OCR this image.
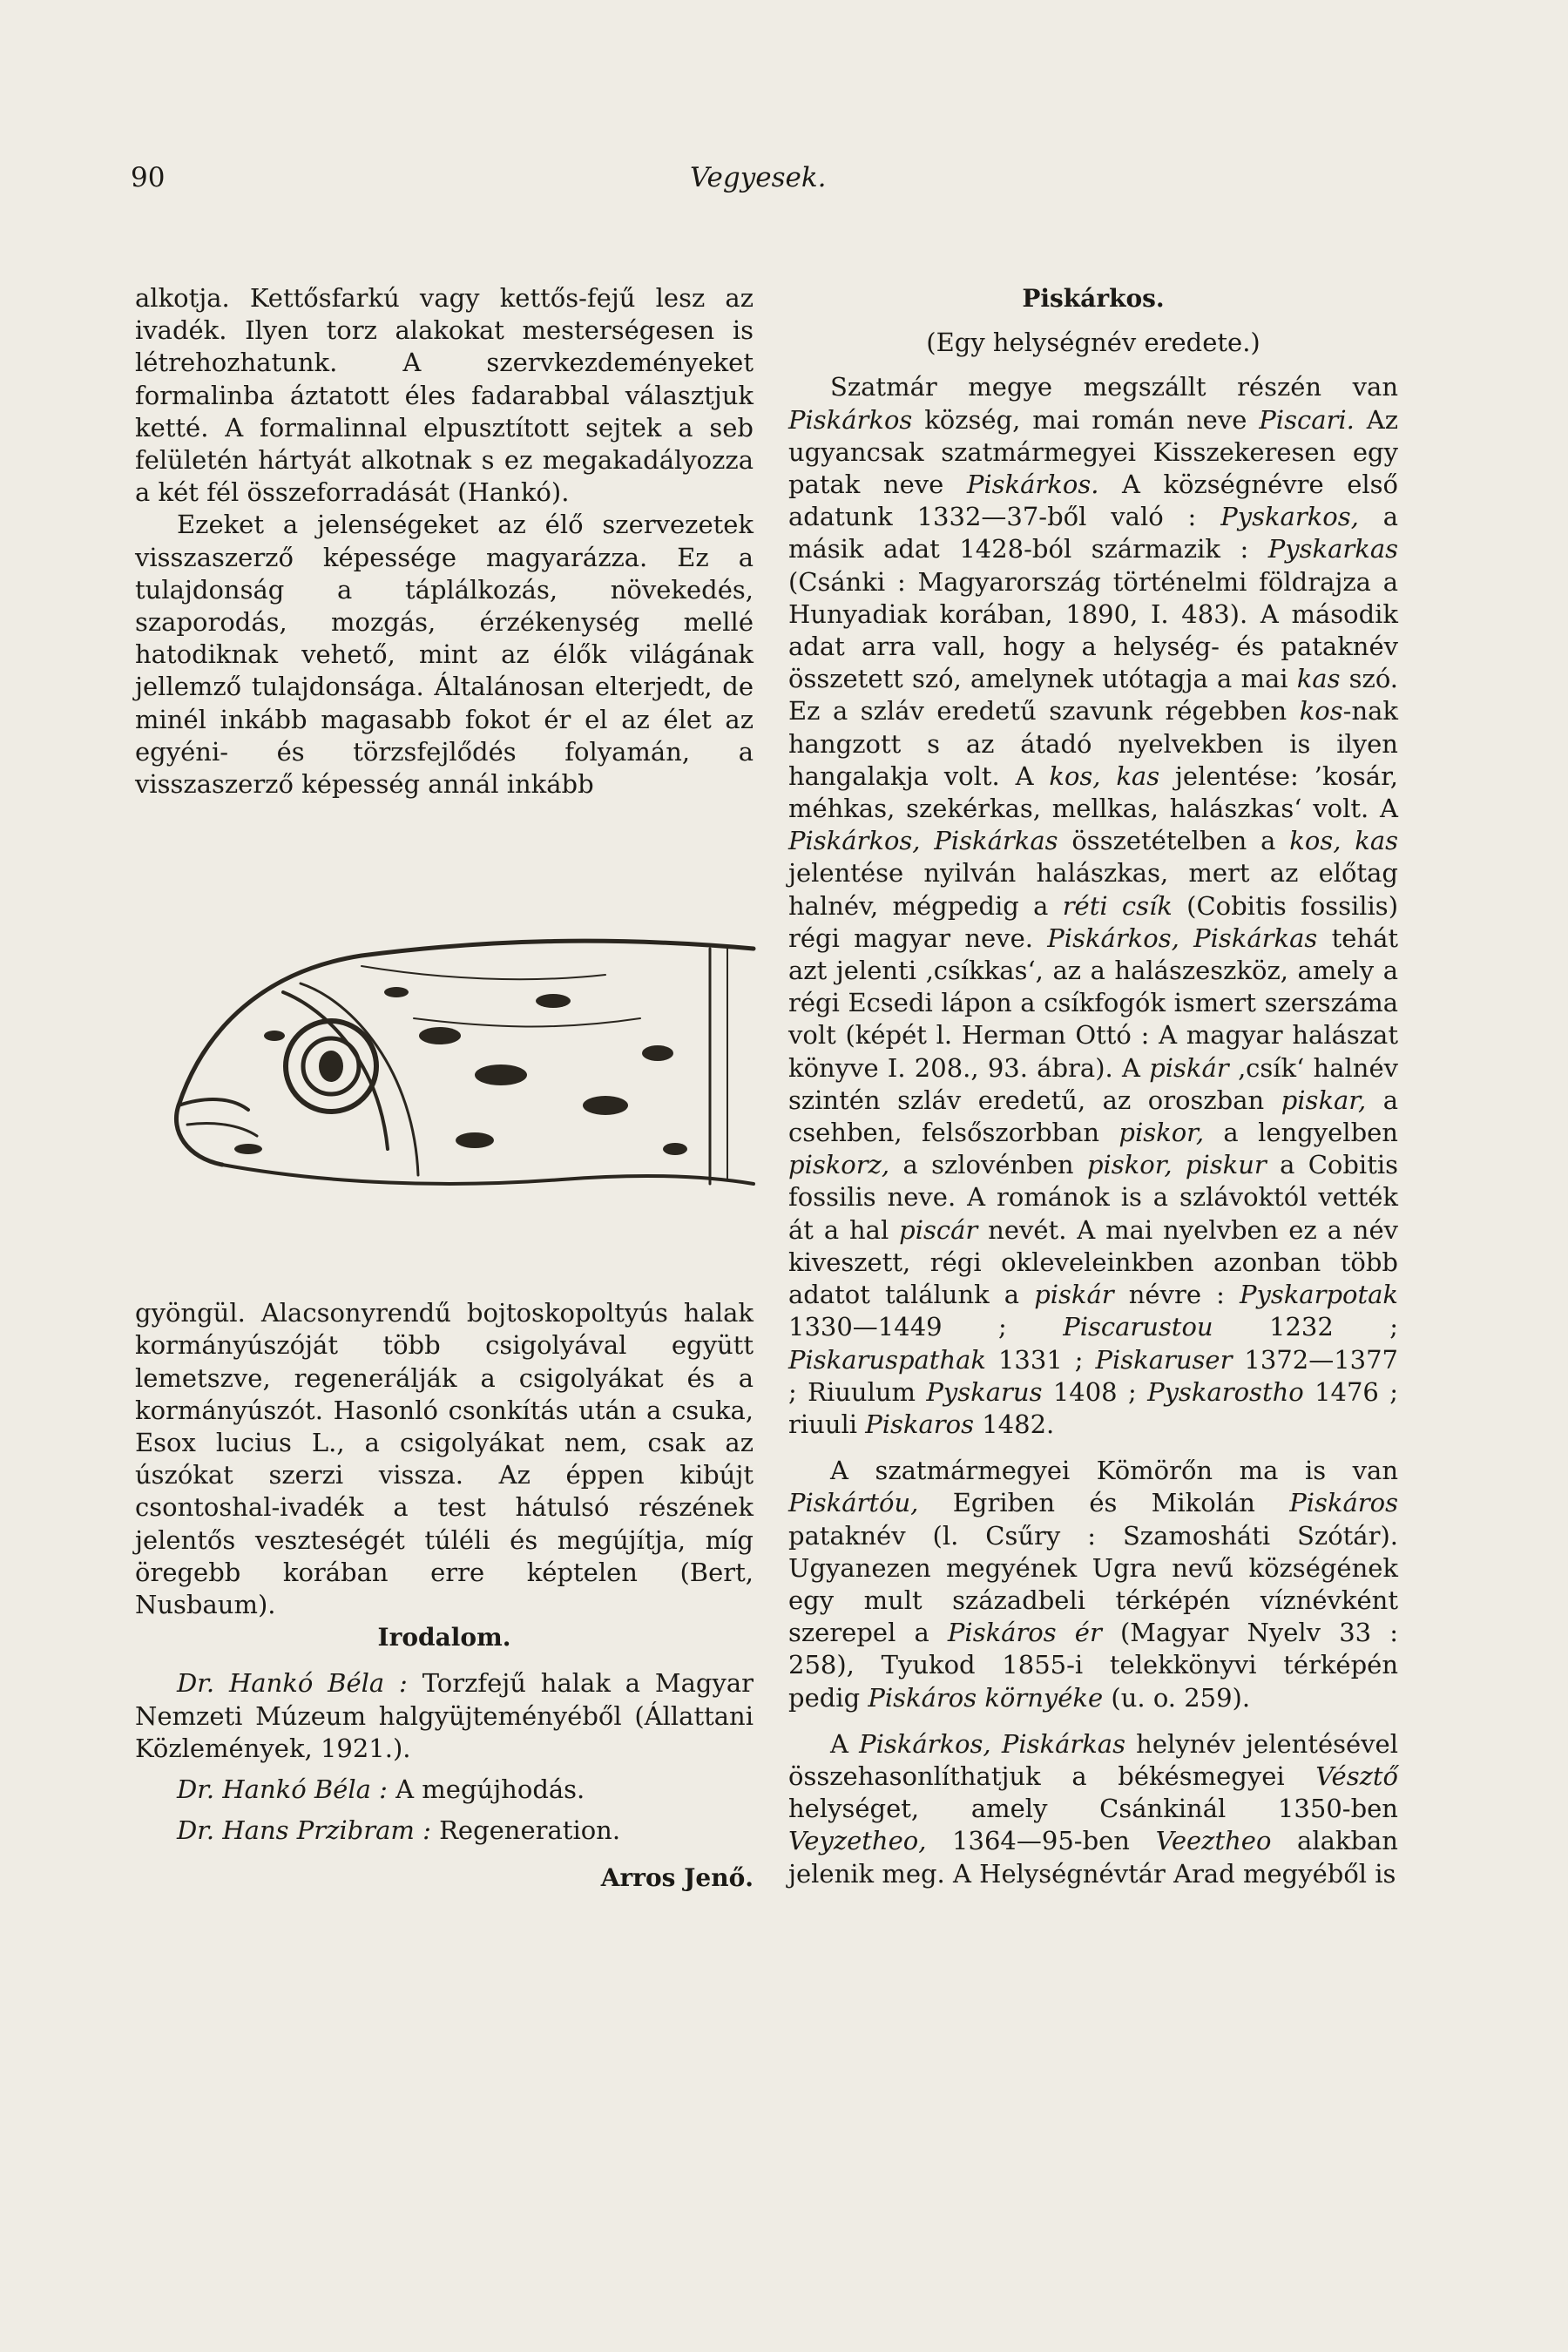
90	Vegyesek.

alkotja. Kettősfarkú vagy kettős-fejű lesz az ivadék. Ilyen torz alakokat mesterségesen is létrehozhatunk. A szervkezdeményeket formalinba áztatott éles fadarabbal választjuk ketté. A formalinnal elpusztított sejtek a seb felületén hártyát alkotnak s ez megakadályozza a két fél összeforradását (Hankó).

Ezeket a jelenségeket az élő szervezetek visszaszerző képessége magyarázza. Ez a tulajdonság a táplálkozás, növekedés, szaporodás, mozgás, érzékenység mellé hatodiknak vehető, mint az élők világának jellemző tulajdonsága. Általánosan elterjedt, de minél inkább magasabb fokot ér el az élet az egyéni- és törzsfejlődés folyamán, a visszaszerző képesség annál inkább

gyöngül. Alacsonyrendű bojtoskopoltyús halak kormányúszóját több csigolyával együtt lemetszve, regenerálják a csigolyákat és a kormányúszót. Hasonló csonkítás után a csuka, Esox lucius L., a csigolyákat nem, csak az úszókat szerzi vissza. Az éppen kibújt csontoshal-ivadék a test hátulsó részének jelentős veszteségét túléli és megújítja, míg öregebb korában erre képtelen (Bert, Nusbaum).

Irodalom.

Dr. Hankó Béla : Torzfejű halak a Magyar Nemzeti Múzeum halgyüjteményéből (Állattani Közlemények, 1921.).

Dr. Hankó Béla : A megújhodás.

Dr. Hans Przibram : Regeneration.

Arros Jenő.

Piskárkos.

(Egy helységnév eredete.)

Szatmár megye megszállt részén van Piskárkos község, mai román neve Piscari. Az ugyancsak szatmármegyei Kisszekeresen egy patak neve Piskárkos. A községnévre első adatunk 1332—37-ből való : Pyskarkos, a másik adat 1428-ból származik : Pyskarkas (Csánki : Magyarország történelmi földrajza a Hunyadiak korában, 1890, I. 483). A második adat arra vall, hogy a helység- és pataknév összetett szó, amelynek utótagja a mai kas szó. Ez a szláv eredetű szavunk régebben kos-nak hangzott s az átadó nyelvekben is ilyen hangalakja volt. A kos, kas jelentése: ’kosár, méhkas, szekérkas, mellkas, halászkas‘ volt. A Piskárkos, Piskárkas összetételben a kos, kas jelentése nyilván halászkas, mert az előtag halnév, mégpedig a réti csík (Cobitis fossilis) régi magyar neve. Piskárkos, Piskárkas tehát azt jelenti ‚csíkkas‘, az a halászeszköz, amely a régi Ecsedi lápon a csíkfogók ismert szerszáma volt (képét l. Herman Ottó : A magyar halászat könyve I. 208., 93. ábra). A piskár ‚csík‘ halnév szintén szláv eredetű, az oroszban piskar, a csehben, felsőszorbban piskor, a lengyelben piskorz, a szlovénben piskor, piskur a Cobitis fossilis neve. A románok is a szlávoktól vették át a hal piscár nevét. A mai nyelvben ez a név kiveszett, régi okleveleinkben azonban több adatot találunk a piskár névre : Pyskarpotak 1330—1449 ; Piscarustou 1232 ; Piskaruspathak 1331 ; Piskaruser 1372—1377 ; Riuulum Pyskarus 1408 ; Pyskarostho 1476 ; riuuli Piskaros 1482.

A szatmármegyei Kömörőn ma is van Piskártóu, Egriben és Mikolán Piskáros pataknév (l. Csűry : Szamosháti Szótár). Ugyanezen megyének Ugra nevű községének egy mult századbeli térképén víznévként szerepel a Piskáros ér (Magyar Nyelv 33 : 258), Tyukod 1855-i telekkönyvi térképén pedig Piskáros környéke (u. o. 259).

A Piskárkos, Piskárkas helynév jelentésével összehasonlíthatjuk a békésmegyei Vésztő helységet, amely Csánkinál 1350-ben Veyzetheo, 1364—95-ben Veeztheo alakban jelenik meg. A Helységnévtár Arad megyéből is
